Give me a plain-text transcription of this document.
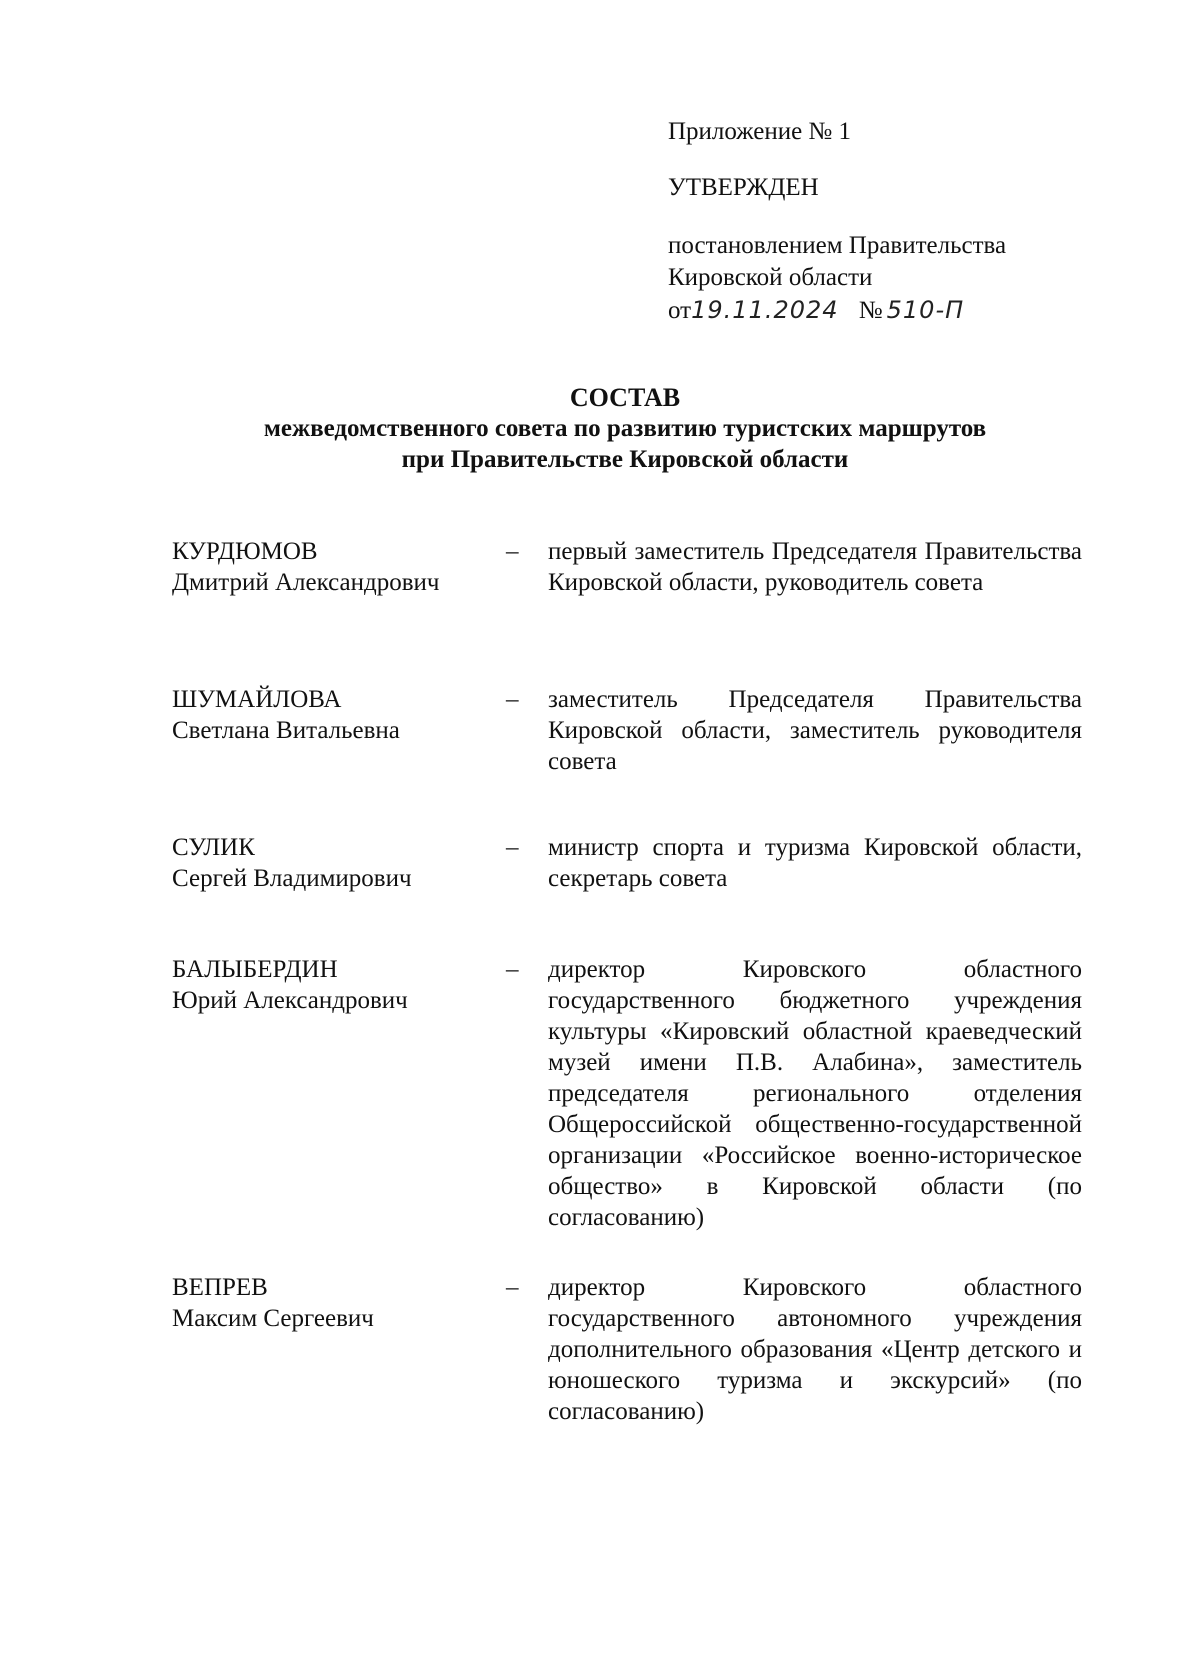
Приложение № 1
УТВЕРЖДЕН
постановлением Правительства
Кировской области
от19.11.2024 № 510-П
СОСТАВ
межведомственного совета по развитию туристских маршрутов
при Правительстве Кировской области
КУРДЮМОВ
Дмитрий Александрович
–	первый заместитель Председателя Правительства Кировской области, руководитель совета
ШУМАЙЛОВА
Светлана Витальевна
–	заместитель Председателя Правительства Кировской области, заместитель руководителя совета
СУЛИК
Сергей Владимирович
–	министр спорта и туризма Кировской области, секретарь совета
БАЛЫБЕРДИН
Юрий Александрович
–	директор Кировского областного государственного бюджетного учреждения культуры «Кировский областной краеведческий музей имени П.В. Алабина», заместитель председателя регионального отделения Общероссийской общественно-государственной организации «Российское военно-историческое общество» в Кировской области (по согласованию)
ВЕПРЕВ
Максим Сергеевич
–	директор Кировского областного государственного автономного учреждения дополнительного образования «Центр детского и юношеского туризма и экскурсий» (по согласованию)
